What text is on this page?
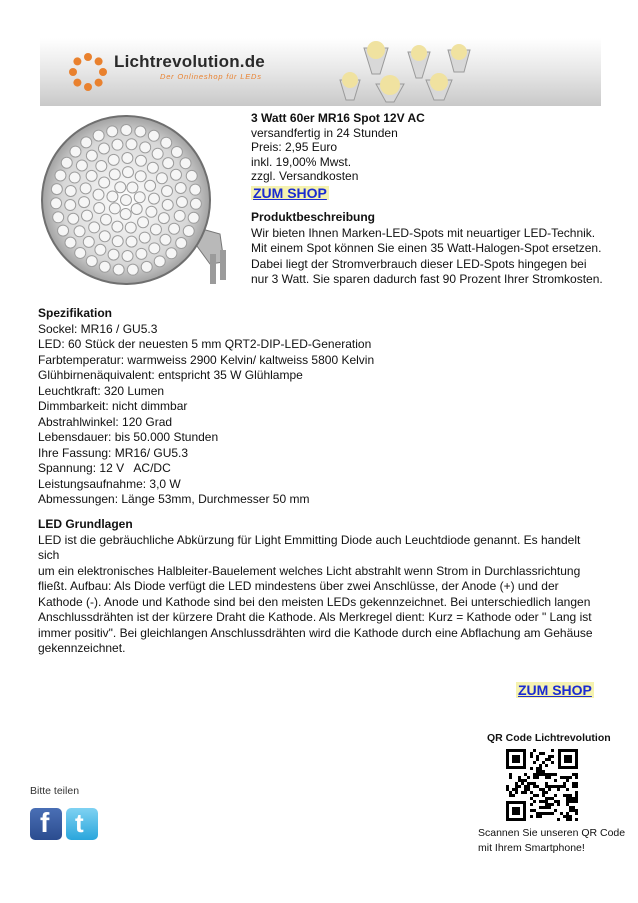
Lichtrevolution.de
Der Onlineshop für LEDs
3 Watt 60er MR16 Spot 12V AC
versandfertig in 24 Stunden
Preis: 2,95 Euro
inkl. 19,00% Mwst.
zzgl. Versandkosten
ZUM SHOP
Produktbeschreibung
Wir bieten Ihnen Marken-LED-Spots mit neuartiger LED-Technik.
Mit einem Spot können Sie einen 35 Watt-Halogen-Spot ersetzen.
Dabei liegt der Stromverbrauch dieser LED-Spots hingegen bei
nur 3 Watt. Sie sparen dadurch fast 90 Prozent Ihrer Stromkosten.
Spezifikation
Sockel: MR16 / GU5.3
LED: 60 Stück der neuesten 5 mm QRT2-DIP-LED-Generation
Farbtemperatur: warmweiss 2900 Kelvin/ kaltweiss 5800 Kelvin
Glühbirnenäquivalent: entspricht 35 W Glühlampe
Leuchtkraft: 320 Lumen
Dimmbarkeit: nicht dimmbar
Abstrahlwinkel: 120 Grad
Lebensdauer: bis 50.000 Stunden
Ihre Fassung: MR16/ GU5.3
Spannung: 12 V   AC/DC
Leistungsaufnahme: 3,0 W
Abmessungen: Länge 53mm, Durchmesser 50 mm
LED Grundlagen
LED ist die gebräuchliche Abkürzung für Light Emmitting Diode auch Leuchtdiode genannt. Es handelt sich
um ein elektronisches Halbleiter-Bauelement welches Licht abstrahlt wenn Strom in Durchlassrichtung
fließt. Aufbau: Als Diode verfügt die LED mindestens über zwei Anschlüsse, der Anode (+) und der
Kathode (-). Anode und Kathode sind bei den meisten LEDs gekennzeichnet. Bei unterschiedlich langen
Anschlussdrähten ist der kürzere Draht die Kathode. Als Merkregel dient: Kurz = Kathode oder " Lang ist
immer positiv". Bei gleichlangen Anschlussdrähten wird die Kathode durch eine Abflachung am Gehäuse
gekennzeichnet.
ZUM SHOP
QR Code Lichtrevolution
Scannen Sie unseren QR Code
mit Ihrem Smartphone!
Bitte teilen
f t
